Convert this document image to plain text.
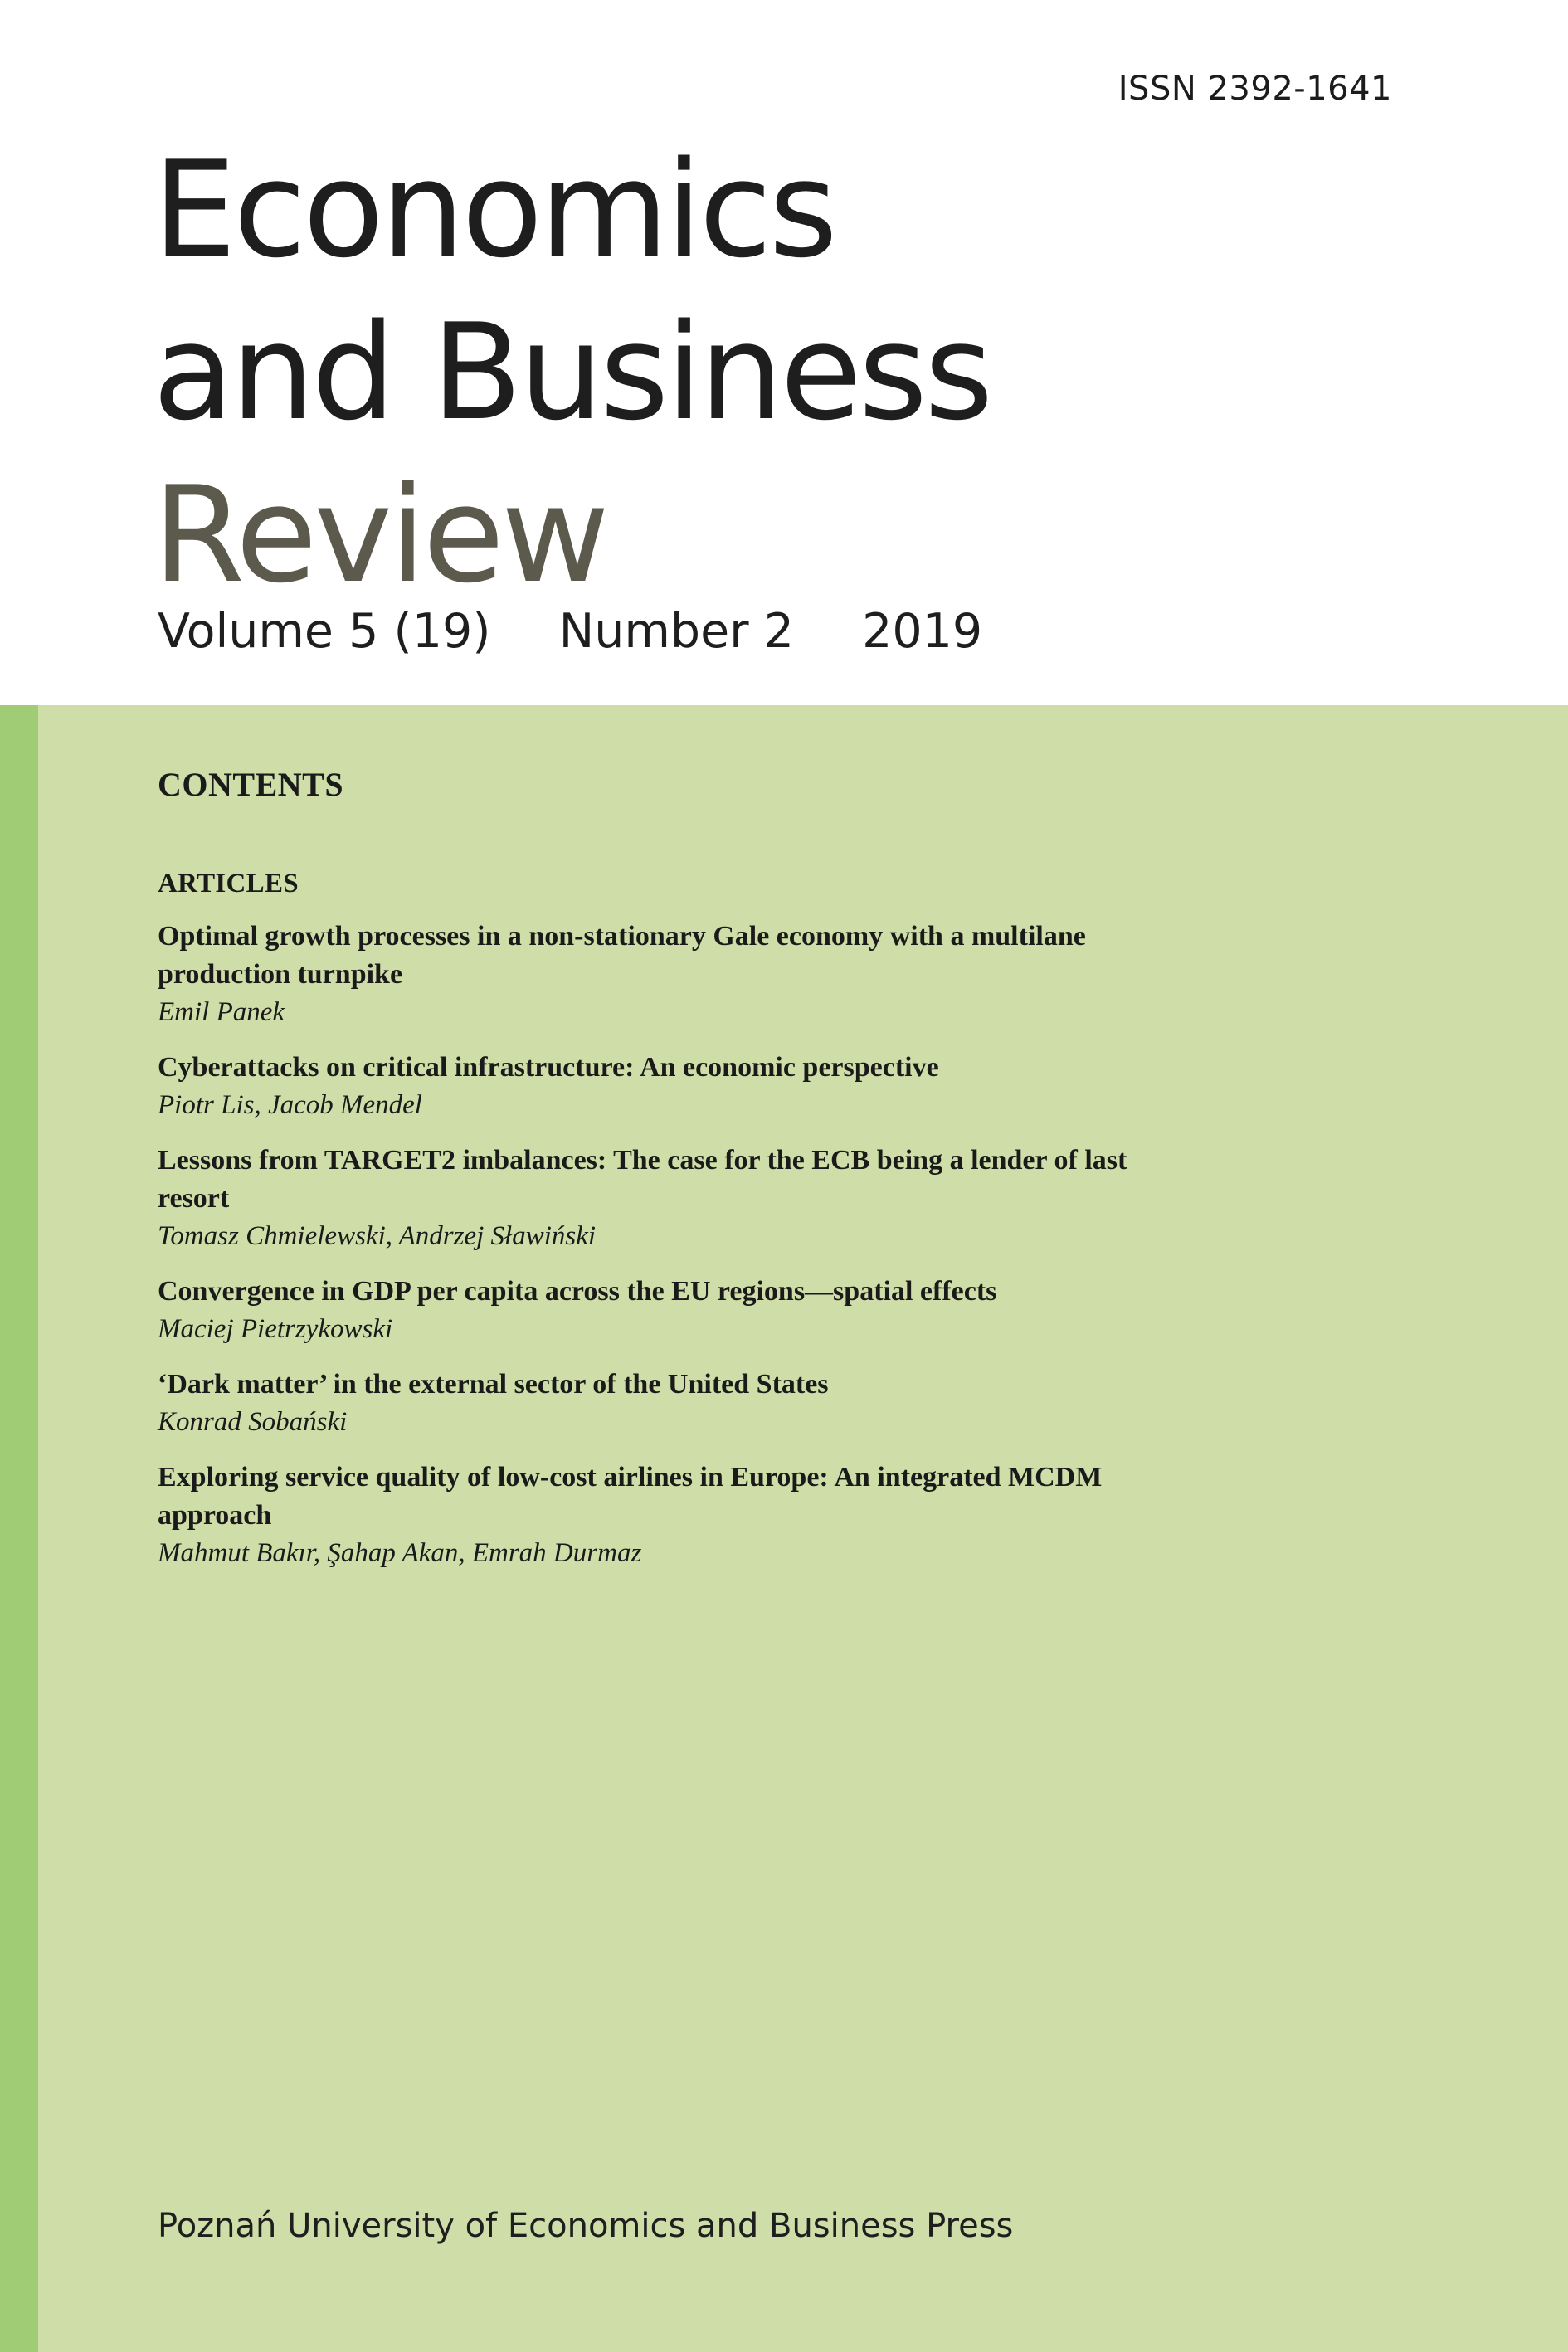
ISSN 2392-1641
Economics
and Business
Review
Volume 5 (19) Number 2 2019
CONTENTS
ARTICLES

Optimal growth processes in a non-stationary Gale economy with a multilane production turnpike

Emil Panek

Cyberattacks on critical infrastructure: An economic perspective

Piotr Lis, Jacob Mendel

Lessons from TARGET2 imbalances: The case for the ECB being a lender of last resort

Tomasz Chmielewski, Andrzej Sławiński

Convergence in GDP per capita across the EU regions—spatial effects

Maciej Pietrzykowski

‘Dark matter’ in the external sector of the United States

Konrad Sobański

Exploring service quality of low-cost airlines in Europe: An integrated MCDM approach

Mahmut Bakır, Şahap Akan, Emrah Durmaz

Poznań University of Economics and Business Press
